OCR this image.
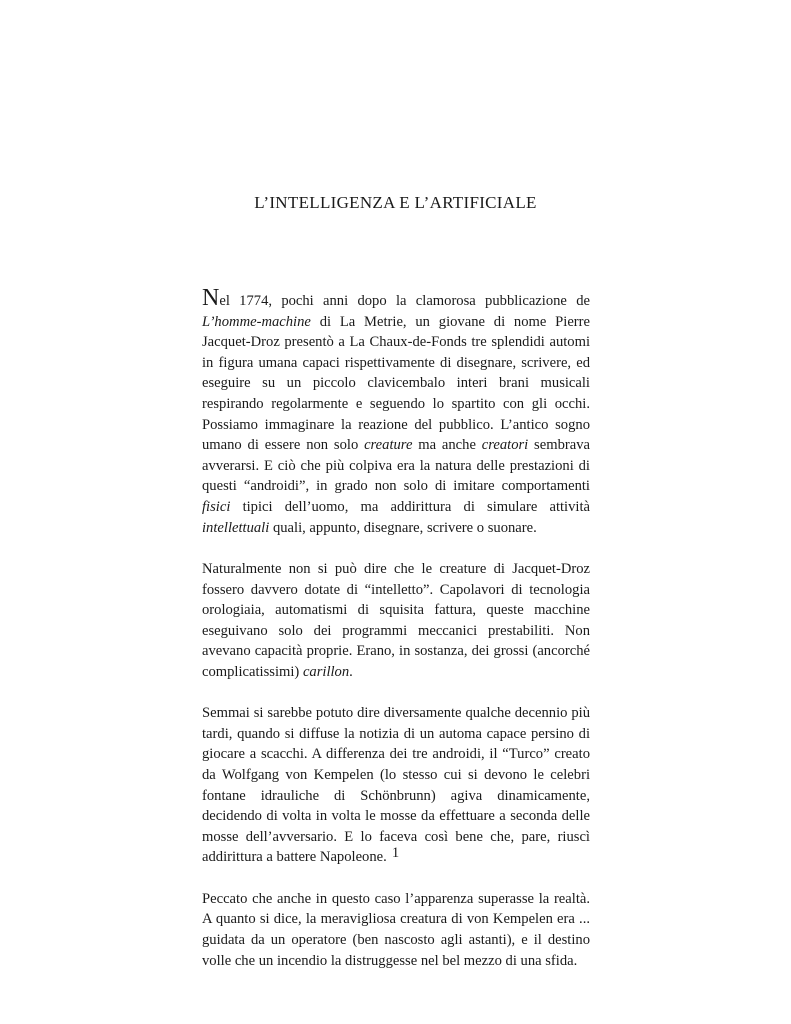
L’INTELLIGENZA E L’ARTIFICIALE

Nel 1774, pochi anni dopo la clamorosa pubblicazione de L’homme-machine di La Metrie, un giovane di nome Pierre Jacquet-Droz presentò a La Chaux-de-Fonds tre splendidi automi in figura umana capaci rispettivamente di disegnare, scrivere, ed eseguire su un piccolo clavicembalo interi brani musicali respirando regolarmente e seguendo lo spartito con gli occhi. Possiamo immaginare la reazione del pubblico. L’antico sogno umano di essere non solo creature ma anche creatori sembrava avverarsi. E ciò che più colpiva era la natura delle prestazioni di questi “androidi”, in grado non solo di imitare comportamenti fisici tipici dell’uomo, ma addirittura di simulare attività intellettuali quali, appunto, disegnare, scrivere o suonare.

Naturalmente non si può dire che le creature di Jacquet-Droz fossero davvero dotate di “intelletto”. Capolavori di tecnologia orologiaia, automatismi di squisita fattura, queste macchine eseguivano solo dei programmi meccanici prestabiliti. Non avevano capacità proprie. Erano, in sostanza, dei grossi (ancorché complicatissimi) carillon.

Semmai si sarebbe potuto dire diversamente qualche decennio più tardi, quando si diffuse la notizia di un automa capace persino di giocare a scacchi. A differenza dei tre androidi, il “Turco” creato da Wolfgang von Kempelen (lo stesso cui si devono le celebri fontane idrauliche di Schönbrunn) agiva dinamicamente, decidendo di volta in volta le mosse da effettuare a seconda delle mosse dell’avversario. E lo faceva così bene che, pare, riuscì addirittura a battere Napoleone.

Peccato che anche in questo caso l’apparenza superasse la realtà. A quanto si dice, la meravigliosa creatura di von Kempelen era ... guidata da un operatore (ben nascosto agli astanti), e il destino volle che un incendio la distruggesse nel bel mezzo di una sfida.

1
